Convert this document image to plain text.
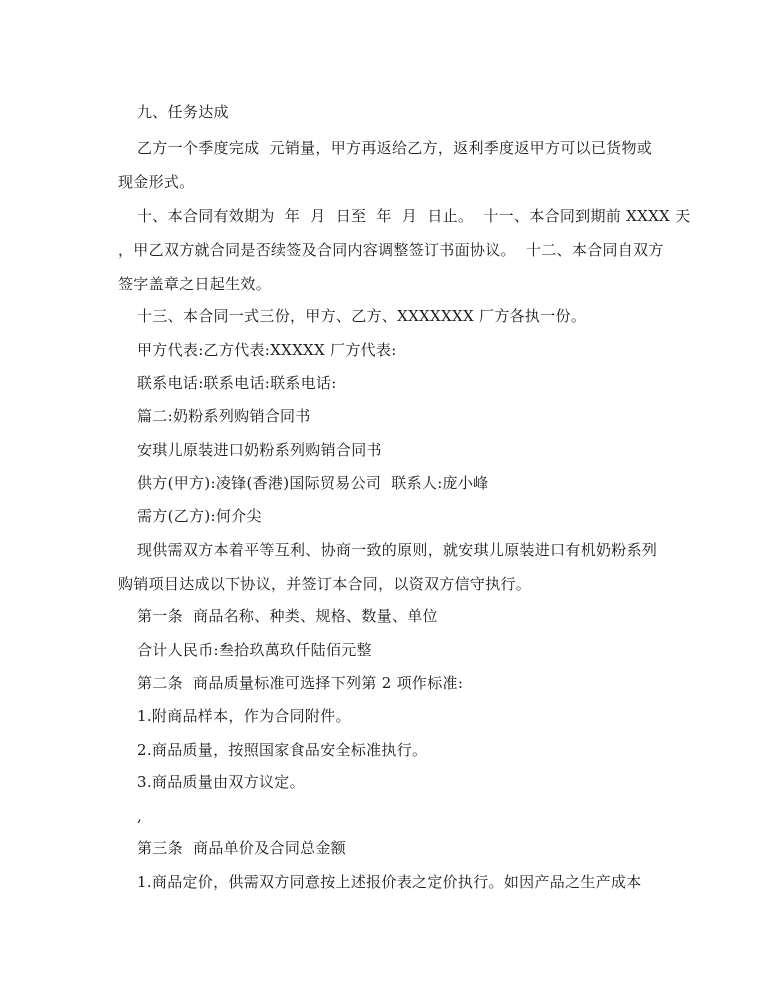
九、任务达成
乙方一个季度完成  元销量，甲方再返给乙方，返利季度返甲方可以已货物或
现金形式。
十、本合同有效期为  年  月  日至  年  月  日止。  十一、本合同到期前 XXXX 天
，甲乙双方就合同是否续签及合同内容调整签订书面协议。  十二、本合同自双方
签字盖章之日起生效。
十三、本合同一式三份，甲方、乙方、XXXXXXX 厂方各执一份。
甲方代表:乙方代表:XXXXX 厂方代表:
联系电话:联系电话:联系电话:
篇二:奶粉系列购销合同书
安琪儿原装进口奶粉系列购销合同书
供方(甲方):凌锋(香港)国际贸易公司  联系人:庞小峰
需方(乙方):何介尖
现供需双方本着平等互利、协商一致的原则，就安琪儿原装进口有机奶粉系列
购销项目达成以下协议，并签订本合同，以资双方信守执行。
第一条  商品名称、种类、规格、数量、单位
合计人民币:叁拾玖萬玖仟陆佰元整
第二条  商品质量标准可选择下列第 2 项作标准:
1.附商品样本，作为合同附件。
2.商品质量，按照国家食品安全标准执行。
3.商品质量由双方议定。
,
第三条  商品单价及合同总金额
1.商品定价，供需双方同意按上述报价表之定价执行。如因产品之生产成本
